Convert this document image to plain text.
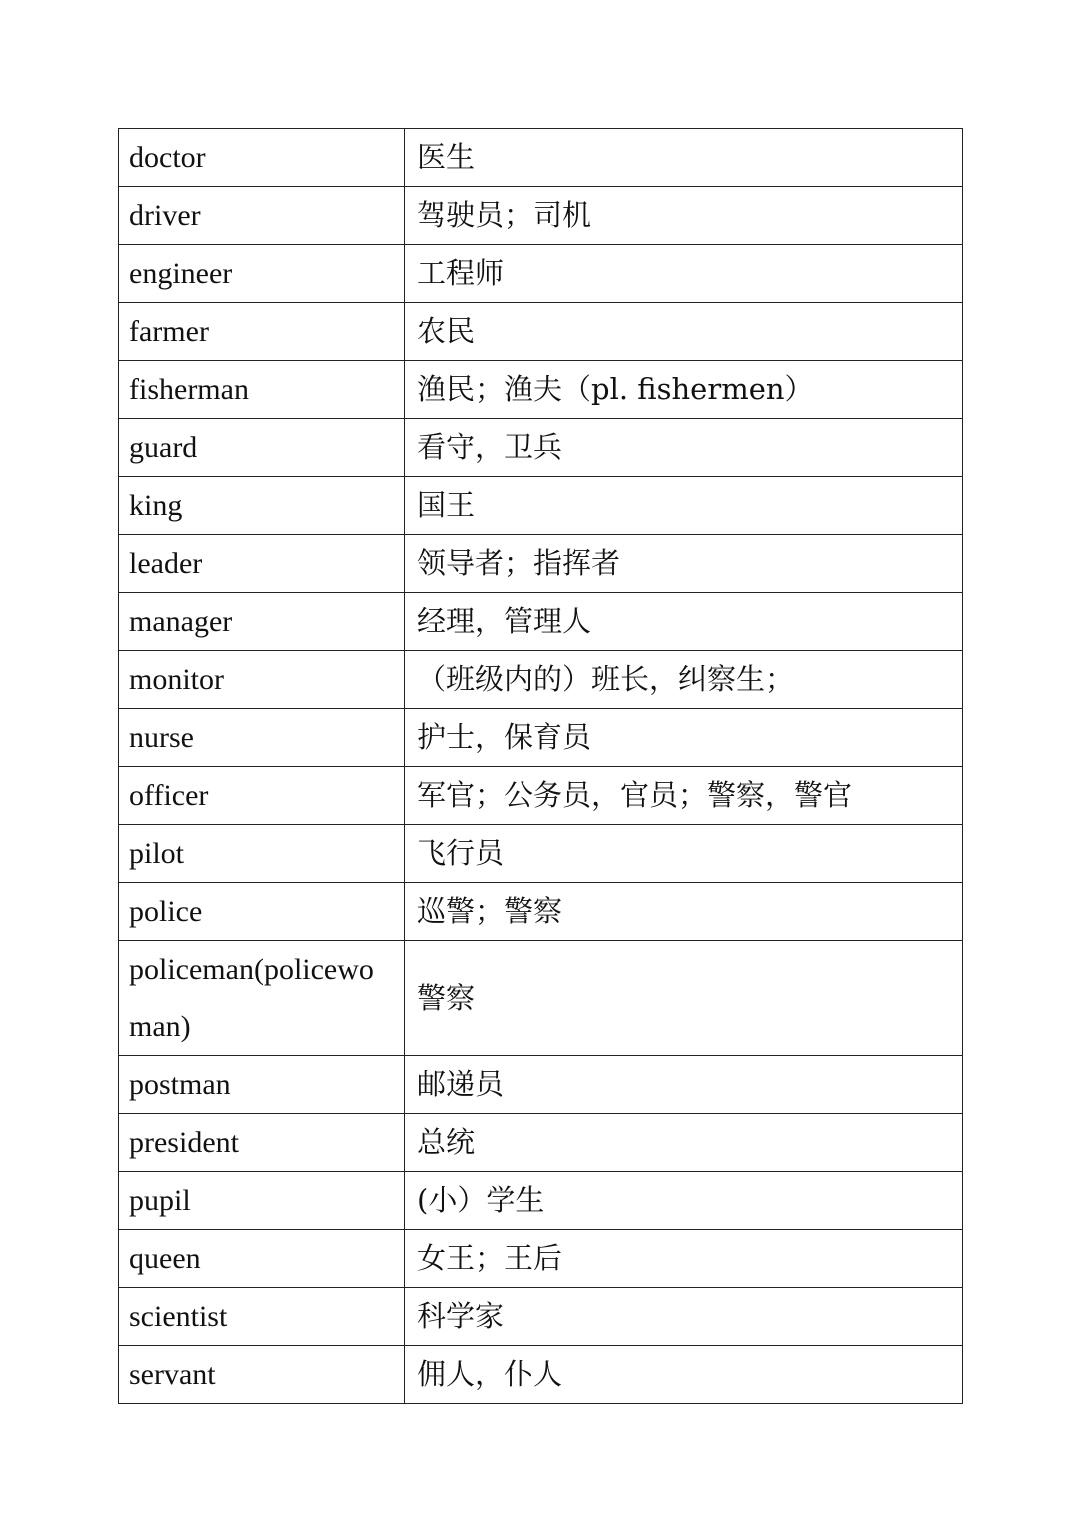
doctor	医生
driver	驾驶员；司机
engineer	工程师
farmer	农民
fisherman	渔民；渔夫（pl. fishermen）
guard	看守，卫兵
king	国王
leader	领导者；指挥者
manager	经理，管理人
monitor	（班级内的）班长，纠察生；
nurse	护士，保育员
officer	军官；公务员，官员；警察，警官
pilot	飞行员
police	巡警；警察
policeman(policewoman)	警察
postman	邮递员
president	总统
pupil	(小）学生
queen	女王；王后
scientist	科学家
servant	佣人，仆人
